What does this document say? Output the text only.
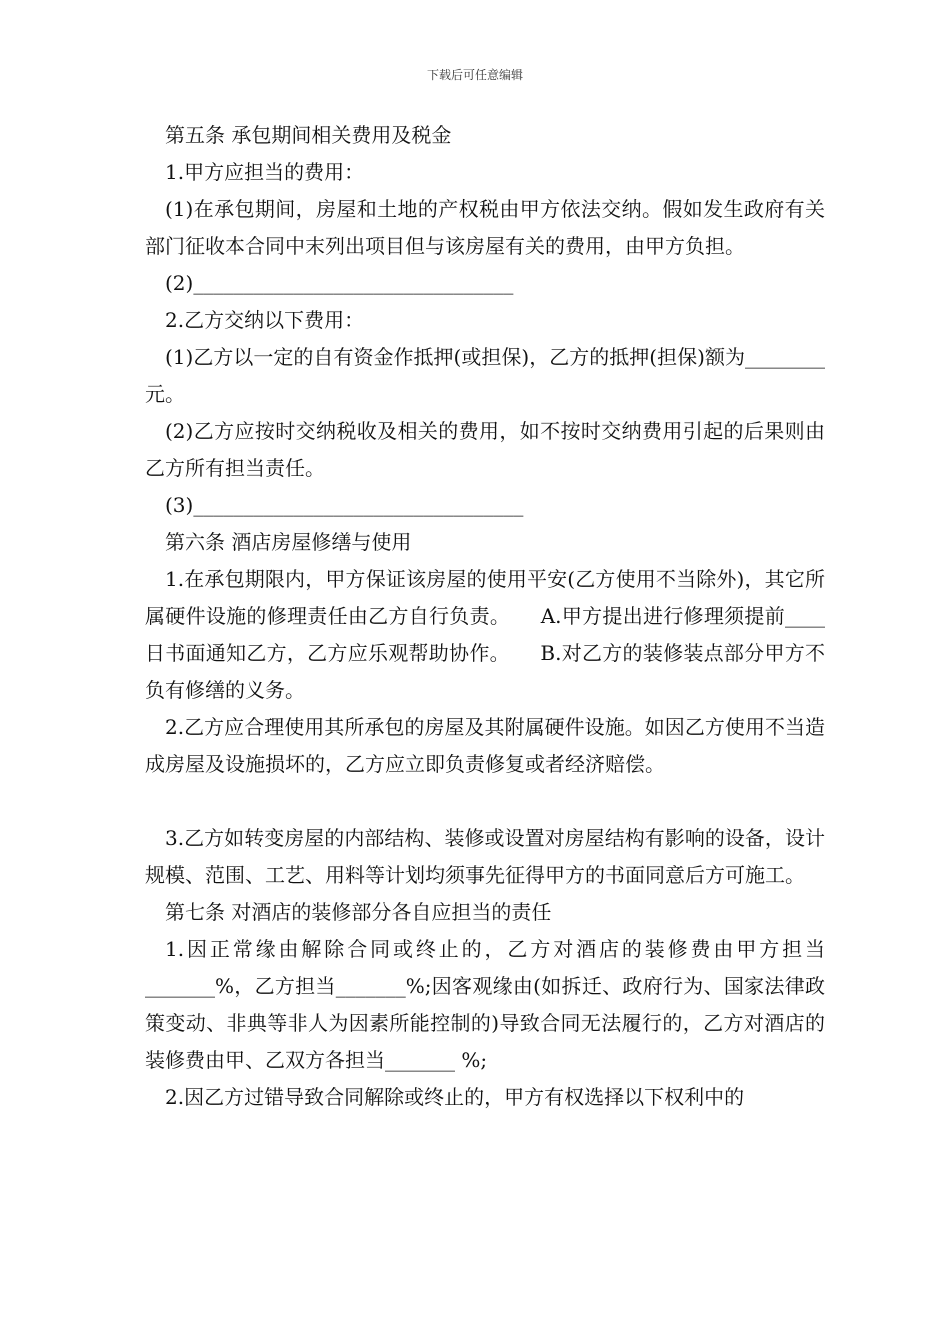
下载后可任意编辑

第五条 承包期间相关费用及税金

1.甲方应担当的费用：

(1)在承包期间，房屋和土地的产权税由甲方依法交纳。假如发生政府有关部门征收本合同中末列出项目但与该房屋有关的费用，由甲方负担。

(2)________________________________

2.乙方交纳以下费用：

(1)乙方以一定的自有资金作抵押(或担保)，乙方的抵押(担保)额为________元。

(2)乙方应按时交纳税收及相关的费用，如不按时交纳费用引起的后果则由乙方所有担当责任。

(3)_________________________________

第六条 酒店房屋修缮与使用

1.在承包期限内，甲方保证该房屋的使用平安(乙方使用不当除外)，其它所属硬件设施的修理责任由乙方自行负责。　　A.甲方提出进行修理须提前____日书面通知乙方，乙方应乐观帮助协作。　　B.对乙方的装修装点部分甲方不负有修缮的义务。

2.乙方应合理使用其所承包的房屋及其附属硬件设施。如因乙方使用不当造成房屋及设施损坏的，乙方应立即负责修复或者经济赔偿。

3.乙方如转变房屋的内部结构、装修或设置对房屋结构有影响的设备，设计规模、范围、工艺、用料等计划均须事先征得甲方的书面同意后方可施工。

第七条 对酒店的装修部分各自应担当的责任

1.因正常缘由解除合同或终止的，乙方对酒店的装修费由甲方担当_______%，乙方担当_______%;因客观缘由(如拆迁、政府行为、国家法律政策变动、非典等非人为因素所能控制的)导致合同无法履行的，乙方对酒店的装修费由甲、乙双方各担当_______ %;

2.因乙方过错导致合同解除或终止的，甲方有权选择以下权利中的
